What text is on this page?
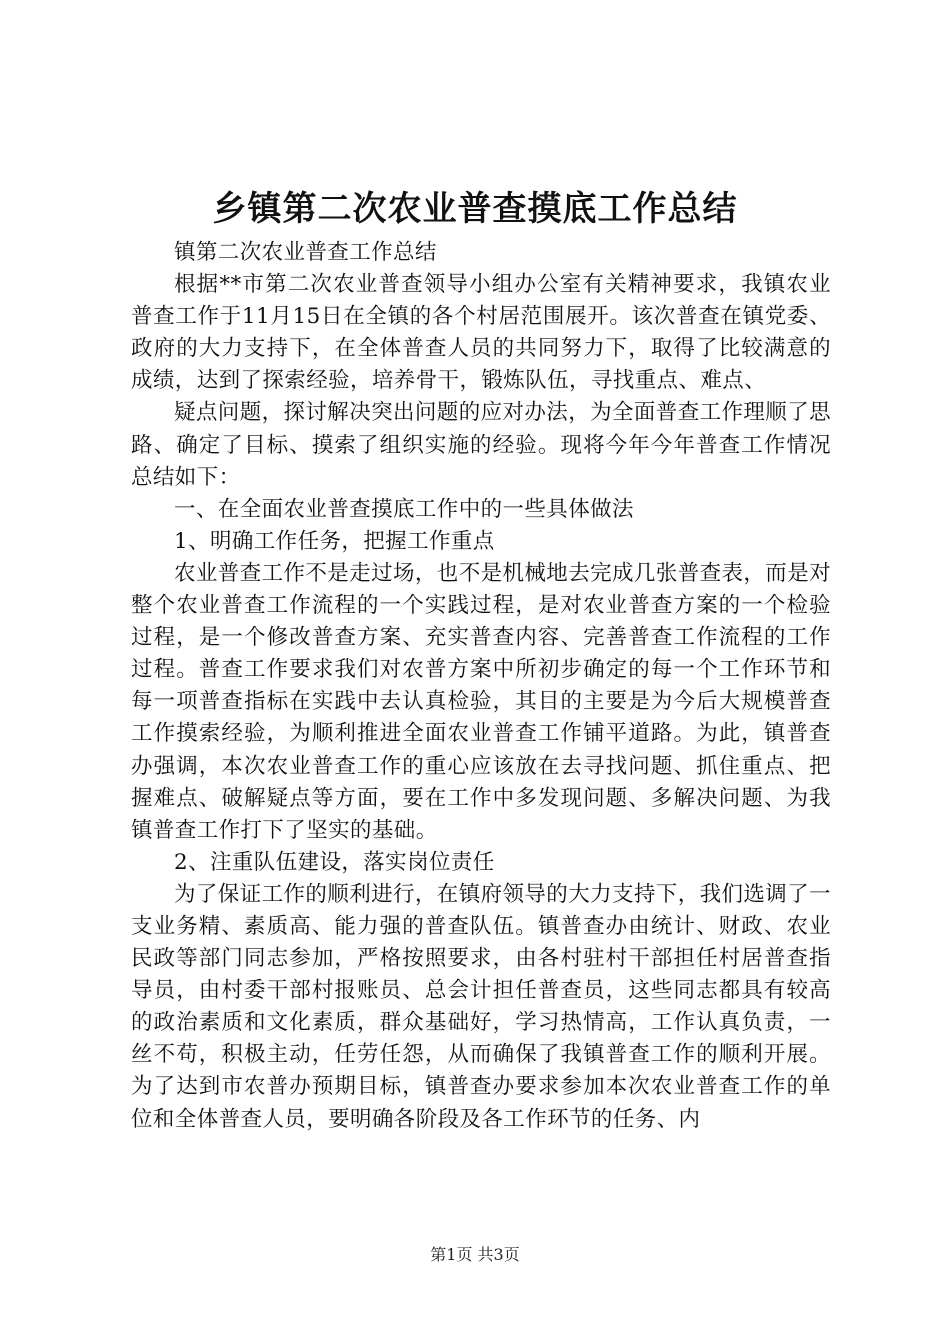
乡镇第二次农业普查摸底工作总结

镇第二次农业普查工作总结

根据**市第二次农业普查领导小组办公室有关精神要求，我镇农业普查工作于11月15日在全镇的各个村居范围展开。该次普查在镇党委、政府的大力支持下，在全体普查人员的共同努力下，取得了比较满意的成绩，达到了探索经验，培养骨干，锻炼队伍，寻找重点、难点、

疑点问题，探讨解决突出问题的应对办法，为全面普查工作理顺了思路、确定了目标、摸索了组织实施的经验。现将今年今年普查工作情况总结如下：

一、在全面农业普查摸底工作中的一些具体做法

1、明确工作任务，把握工作重点

农业普查工作不是走过场，也不是机械地去完成几张普查表，而是对整个农业普查工作流程的一个实践过程，是对农业普查方案的一个检验过程，是一个修改普查方案、充实普查内容、完善普查工作流程的工作过程。普查工作要求我们对农普方案中所初步确定的每一个工作环节和每一项普查指标在实践中去认真检验，其目的主要是为今后大规模普查工作摸索经验，为顺利推进全面农业普查工作铺平道路。为此，镇普查办强调，本次农业普查工作的重心应该放在去寻找问题、抓住重点、把握难点、破解疑点等方面，要在工作中多发现问题、多解决问题、为我镇普查工作打下了坚实的基础。

2、注重队伍建设，落实岗位责任

为了保证工作的顺利进行，在镇府领导的大力支持下，我们选调了一支业务精、素质高、能力强的普查队伍。镇普查办由统计、财政、农业民政等部门同志参加，严格按照要求，由各村驻村干部担任村居普查指导员，由村委干部村报账员、总会计担任普查员，这些同志都具有较高的政治素质和文化素质，群众基础好，学习热情高，工作认真负责，一丝不苟，积极主动，任劳任怨，从而确保了我镇普查工作的顺利开展。为了达到市农普办预期目标，镇普查办要求参加本次农业普查工作的单位和全体普查人员，要明确各阶段及各工作环节的任务、内

第1页 共3页
